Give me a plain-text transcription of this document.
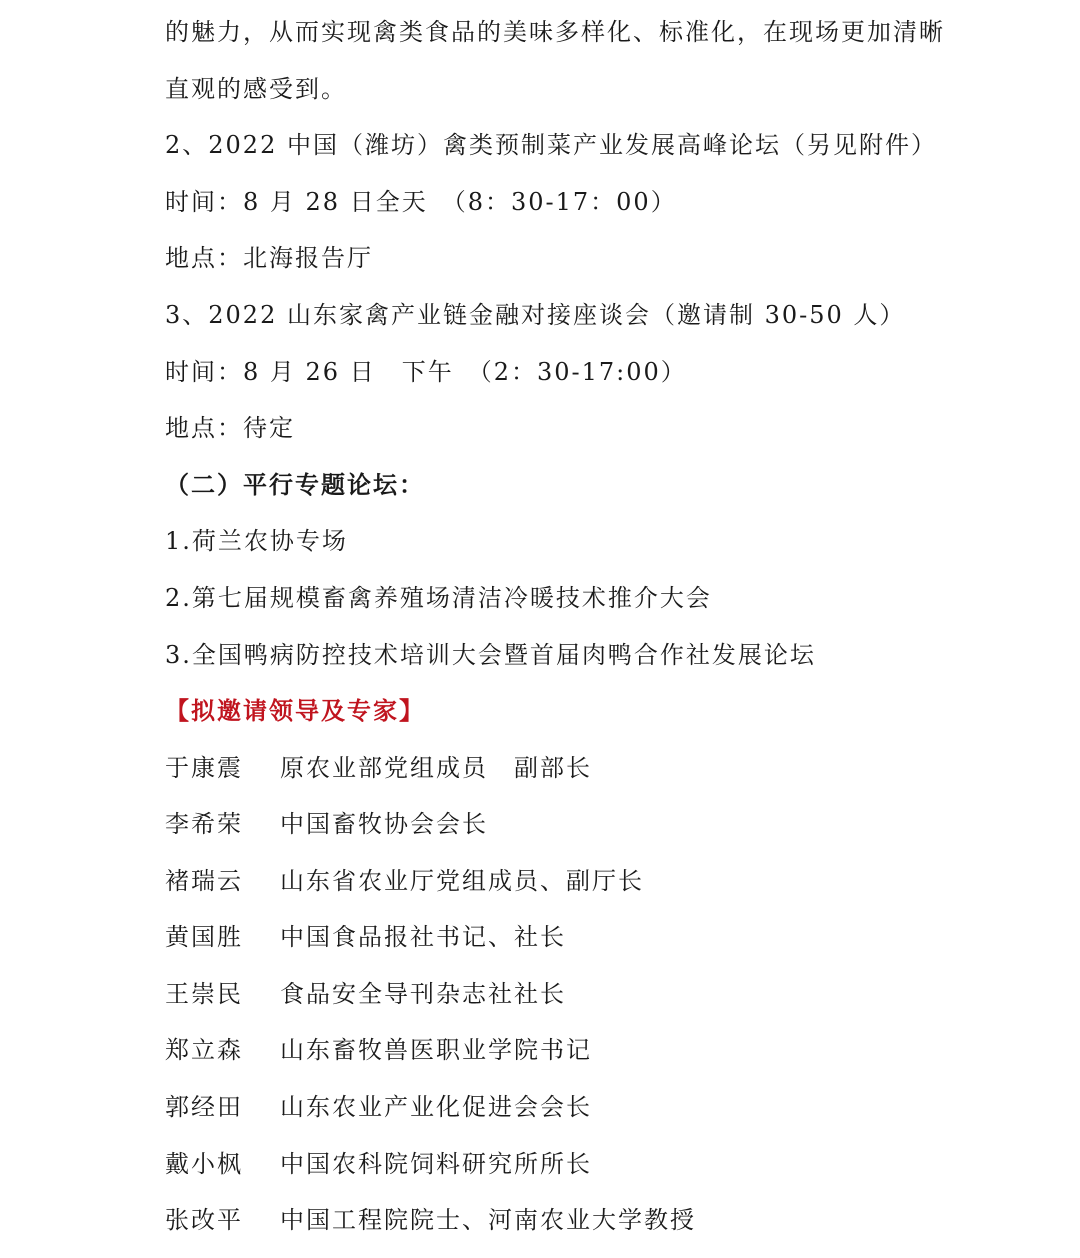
的魅力，从而实现禽类食品的美味多样化、标准化，在现场更加清晰
直观的感受到。
2、2022 中国（潍坊）禽类预制菜产业发展高峰论坛（另见附件）
时间：8 月 28 日全天　（8：30-17：00）
地点：北海报告厅
3、2022 山东家禽产业链金融对接座谈会（邀请制 30-50 人）
时间：8 月 26 日　下午　（2：30-17:00）
地点：待定
（二）平行专题论坛：
1.荷兰农协专场
2.第七届规模畜禽养殖场清洁冷暖技术推介大会
3.全国鸭病防控技术培训大会暨首届肉鸭合作社发展论坛
【拟邀请领导及专家】
于康震 原农业部党组成员　副部长
李希荣 中国畜牧协会会长
褚瑞云 山东省农业厅党组成员、副厅长
黄国胜 中国食品报社书记、社长
王崇民 食品安全导刊杂志社社长
郑立森 山东畜牧兽医职业学院书记
郭经田 山东农业产业化促进会会长
戴小枫 中国农科院饲料研究所所长
张改平 中国工程院院士、河南农业大学教授
